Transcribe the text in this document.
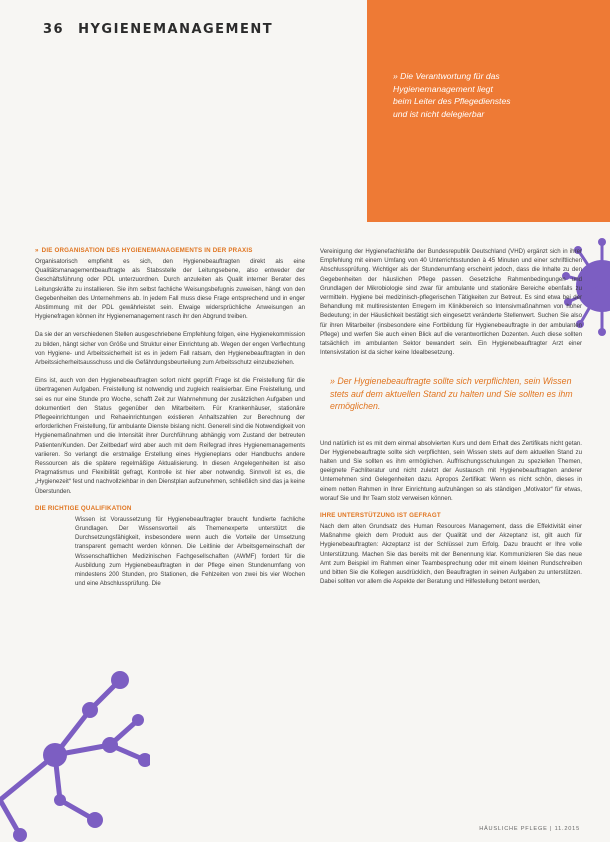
36 HYGIENEMANAGEMENT
» Die Verantwortung für das Hygienemanagement liegt beim Leiter des Pflegedienstes und ist nicht delegierbar
» DIE ORGANISATION DES HYGIENEMANAGEMENTS IN DER PRAXIS

Organisatorisch empfiehlt es sich, den Hygienebeauftragten direkt als eine Qualitätsmanagementbeauftragte als Stabsstelle der Leitungsebene, also entweder der Geschäftsführung oder PDL unterzuordnen. Durch anzuleiten als Qualit interner Berater des Leitungskräfte zu installieren. Sie ihm selbst fachliche Weisungsbefugnis zuweisen, hängt von den Gegebenheiten des Unternehmens ab. In jedem Fall muss diese Frage entsprechend und in enger Abstimmung mit der PDL gewährleistet sein. Etwaige widersprüchliche Anweisungen an Hygienefragen können ihr Hygienemanagement rasch ihr den Abgrund treiben.

Da sie der an verschiedenen Stellen ausgeschriebene Empfehlung folgen, eine Hygienekommission zu bilden, hängt sicher von Größe und Struktur einer Einrichtung ab. Wegen der engen Verflechtung von Hygiene- und Arbeitssicherheit ist es in jedem Fall ratsam, den Hygienebeauftragten in den Arbeitssicherheitsausschuss und die Gefährdungsbeurteilung zum Arbeitsschutz einzubeziehen.

Eins ist, auch von den Hygienebeauftragten sofort nicht geprüft Frage ist die Freistellung für die übertragenen Aufgaben. Freistellung ist notwendig und zugleich realisierbar. Eine Freistellung, und sei es nur eine Stunde pro Woche, schafft Zeit zur Wahrnehmung der zusätzlichen Aufgaben und dokumentiert den Status gegenüber den Mitarbeitern. Für Krankenhäuser, stationäre Pflegeeinrichtungen und Rehaeinrichtungen existieren Anhaltszahlen zur Berechnung der erforderlichen Freistellung, für ambulante Dienste bislang nicht. Generell sind die Notwendigkeit von Hygienemaßnahmen und die Intensität ihrer Durchführung abhängig vom Zustand der betreuten Patienten/Kunden. Der Zeitbedarf wird aber auch mit dem Reifegrad ihres Hygienemanagements variieren. So verlangt die erstmalige Erstellung eines Hygieneplans oder Handbuchs andere Ressourcen als die spätere regelmäßige Aktualisierung. In diesen Angelegenheiten ist also Pragmatismus und Flexibilität gefragt, Kontrolle ist hier aber notwendig. Sinnvoll ist es, die „Hygienezeit“ fest und nachvollziehbar in den Dienstplan aufzunehmen, schließlich sind das ja keine Überstunden.

DIE RICHTIGE QUALIFIKATION

Wissen ist Voraussetzung für Hygienebeauftragter braucht fundierte fachliche Grundlagen. Der Wissensvorteil als Themenexperte unterstützt die Durchsetzungsfähigkeit, insbesondere wenn auch die Vorteile der Umsetzung transparent gemacht werden können. Die Leitlinie der Arbeitsgemeinschaft der Wissenschaftlichen Medizinischen Fachgesellschaften (AWMF) fordert für die Ausbildung zum Hygienebeauftragten in der Pflege einen Stundenumfang von mindestens 200 Stunden, pro Stationen, die Fehlzeiten von zwei bis vier Wochen und eine Abschlussprüfung. Die

Vereinigung der Hygienefachkräfte der Bundesrepublik Deutschland (VHD) ergänzt sich in ihrer Empfehlung mit einem Umfang von 40 Unterrichtsstunden à 45 Minuten und einer schriftlichen Abschlussprüfung. Wichtiger als der Stundenumfang erscheint jedoch, dass die Inhalte zu den Gegebenheiten der häuslichen Pflege passen. Gesetzliche Rahmenbedingungen und Grundlagen der Mikrobiologie sind zwar für ambulante und stationäre Bereiche ebenfalls zu vermitteln. Hygiene bei medizinisch-pflegerischen Tätigkeiten zur Betreut. Es sind etwa bei der Behandlung mit multiresistenten Erregern im Klinikbereich so Intensivmaßnahmen von hoher Bedeutung; in der Häuslichkeit bestätigt sich eingesetzt veränderte Stellenwert. Suchen Sie also für ihren Mitarbeiter (insbesondere eine Fortbildung für Hygienebeauftragte in der ambulanten Pflege) und werfen Sie auch einen Blick auf die verantwortlichen Dozenten. Auch diese sollten tatsächlich im ambulanten Sektor bewandert sein. Ein Hygienebeauftragter Arzt einer Intensivstation ist da sicher keine Idealbesetzung.

» Der Hygienebeauftragte sollte sich verpflichten, sein Wissen stets auf dem aktuellen Stand zu halten und Sie sollten es ihm ermöglichen.

Und natürlich ist es mit dem einmal absolvierten Kurs und dem Erhalt des Zertifikats nicht getan. Der Hygienebeauftragte sollte sich verpflichten, sein Wissen stets auf dem aktuellen Stand zu halten und Sie sollten es ihm ermöglichen. Auffrischungsschulungen zu speziellen Themen, geeignete Fachliteratur und nicht zuletzt der Austausch mit Hygienebeauftragten anderer Unternehmen sind Gelegenheiten dazu. Apropos Zertifikat: Wenn es nicht schön, dieses in einem netten Rahmen in Ihrer Einrichtung aufzuhängen so als ständigen „Motivator“ für etwas, worauf Sie und Ihr Team stolz verweisen können.

IHRE UNTERSTÜTZUNG IST GEFRAGT

Nach dem alten Grundsatz des Human Resources Management, dass die Effektivität einer Maßnahme gleich dem Produkt aus der Qualität und der Akzeptanz ist, gilt auch für Hygienebeauftragten: Akzeptanz ist der Schlüssel zum Erfolg. Dazu braucht er Ihre volle Unterstützung. Machen Sie das bereits mit der Benennung klar. Kommunizieren Sie das neue Amt zum Beispiel im Rahmen einer Teambesprechung oder mit einem kleinen Rundschreiben und bitten Sie die Kollegen ausdrücklich, den Beauftragten in seinen Aufgaben zu unterstützen. Dabei sollten vor allem die Aspekte der Beratung und Hilfestellung betont werden,

HÄUSLICHE PFLEGE | 11.2015
